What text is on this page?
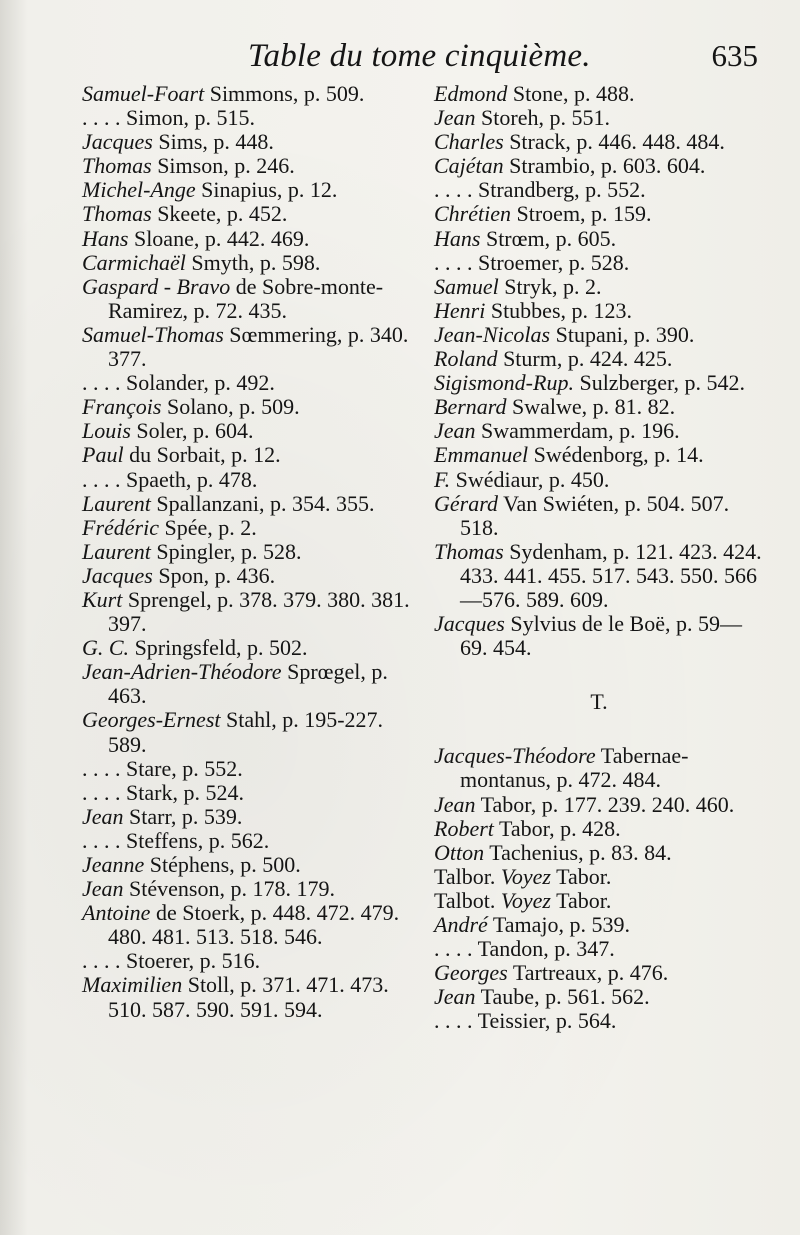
Table du tome cinquième.	635

Samuel-Foart Simmons, p. 509.

. . . . Simon, p. 515.

Jacques Sims, p. 448.

Thomas Simson, p. 246.

Michel-Ange Sinapius, p. 12.

Thomas Skeete, p. 452.

Hans Sloane, p. 442. 469.

Carmichaël Smyth, p. 598.

Gaspard - Bravo de Sobre-monte-Ramirez, p. 72. 435.

Samuel-Thomas Sœmmering, p. 340. 377.

. . . . Solander, p. 492.

François Solano, p. 509.

Louis Soler, p. 604.

Paul du Sorbait, p. 12.

. . . . Spaeth, p. 478.

Laurent Spallanzani, p. 354. 355.

Frédéric Spée, p. 2.

Laurent Spingler, p. 528.

Jacques Spon, p. 436.

Kurt Sprengel, p. 378. 379. 380. 381. 397.

G. C. Springsfeld, p. 502.

Jean-Adrien-Théodore Sprœgel, p. 463.

Georges-Ernest Stahl, p. 195-227. 589.

. . . . Stare, p. 552.

. . . . Stark, p. 524.

Jean Starr, p. 539.

. . . . Steffens, p. 562.

Jeanne Stéphens, p. 500.

Jean Stévenson, p. 178. 179.

Antoine de Stoerk, p. 448. 472. 479. 480. 481. 513. 518. 546.

. . . . Stoerer, p. 516.

Maximilien Stoll, p. 371. 471. 473. 510. 587. 590. 591. 594.

Edmond Stone, p. 488.

Jean Storeh, p. 551.

Charles Strack, p. 446. 448. 484.

Cajétan Strambio, p. 603. 604.

. . . . Strandberg, p. 552.

Chrétien Stroem, p. 159.

Hans Strœm, p. 605.

. . . . Stroemer, p. 528.

Samuel Stryk, p. 2.

Henri Stubbes, p. 123.

Jean-Nicolas Stupani, p. 390.

Roland Sturm, p. 424. 425.

Sigismond-Rup. Sulzberger, p. 542.

Bernard Swalwe, p. 81. 82.

Jean Swammerdam, p. 196.

Emmanuel Swédenborg, p. 14.

F. Swédiaur, p. 450.

Gérard Van Swiéten, p. 504. 507. 518.

Thomas Sydenham, p. 121. 423. 424. 433. 441. 455. 517. 543. 550. 566—576. 589. 609.

Jacques Sylvius de le Boë, p. 59—69. 454.

T.

Jacques-Théodore Tabernae-montanus, p. 472. 484.

Jean Tabor, p. 177. 239. 240. 460.

Robert Tabor, p. 428.

Otton Tachenius, p. 83. 84.

Talbor. Voyez Tabor.

Talbot. Voyez Tabor.

André Tamajo, p. 539.

. . . . Tandon, p. 347.

Georges Tartreaux, p. 476.

Jean Taube, p. 561. 562.

. . . . Teissier, p. 564.
